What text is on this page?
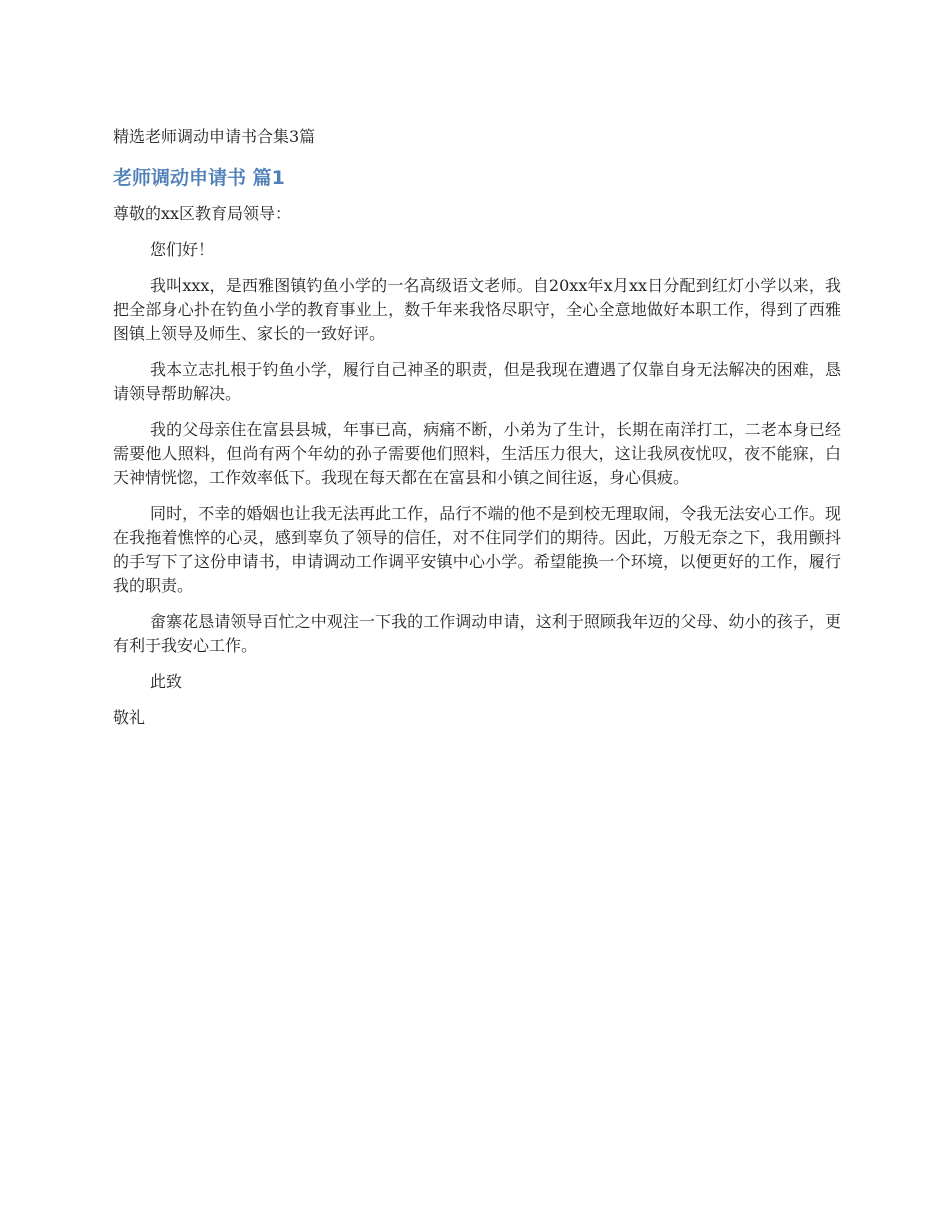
精选老师调动申请书合集3篇
老师调动申请书 篇1

尊敬的xx区教育局领导：

您们好！

我叫xxx，是西雅图镇钓鱼小学的一名高级语文老师。自20xx年x月xx日分配到红灯小学以来，我把全部身心扑在钓鱼小学的教育事业上，数千年来我恪尽职守，全心全意地做好本职工作，得到了西雅图镇上领导及师生、家长的一致好评。

我本立志扎根于钓鱼小学，履行自己神圣的职责，但是我现在遭遇了仅靠自身无法解决的困难，恳请领导帮助解决。

我的父母亲住在富县县城，年事已高，病痛不断，小弟为了生计，长期在南洋打工，二老本身已经需要他人照料，但尚有两个年幼的孙子需要他们照料，生活压力很大，这让我夙夜忧叹，夜不能寐，白天神情恍惚，工作效率低下。我现在每天都在在富县和小镇之间往返，身心俱疲。

同时，不幸的婚姻也让我无法再此工作，品行不端的他不是到校无理取闹，令我无法安心工作。现在我拖着憔悴的心灵，感到辜负了领导的信任，对不住同学们的期待。因此，万般无奈之下，我用颤抖的手写下了这份申请书，申请调动工作调平安镇中心小学。希望能换一个环境，以便更好的工作，履行我的职责。

畲寨花恳请领导百忙之中观注一下我的工作调动申请，这利于照顾我年迈的父母、幼小的孩子，更有利于我安心工作。

此致

敬礼
